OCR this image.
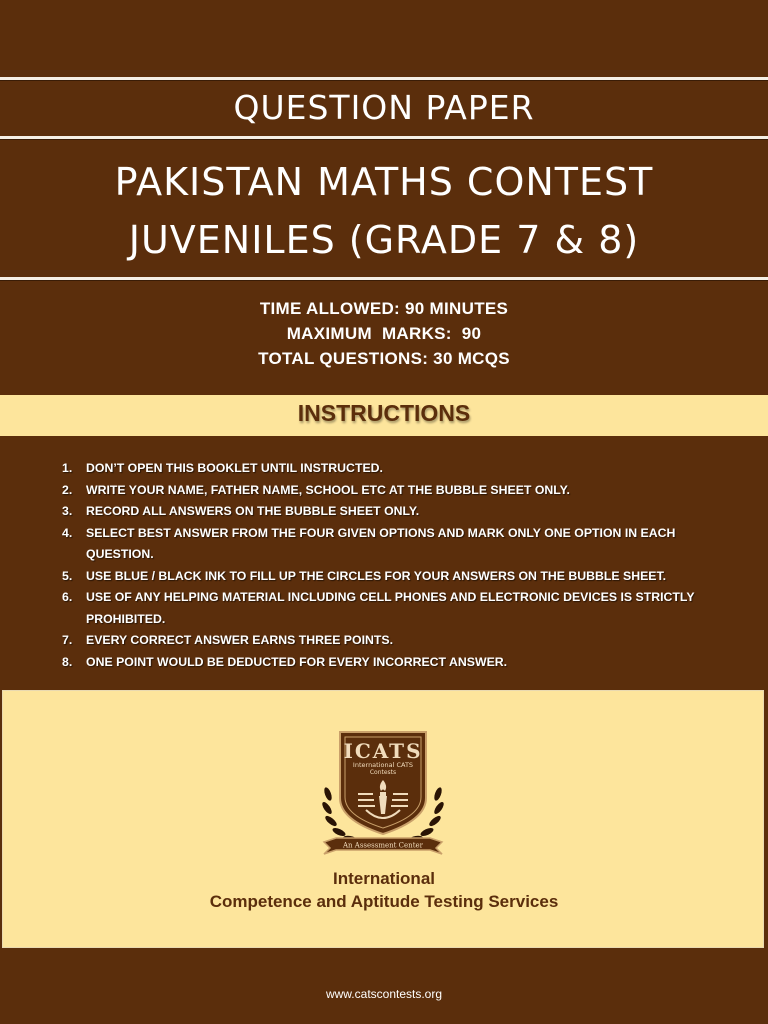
QUESTION PAPER
PAKISTAN MATHS CONTEST
JUVENILES (GRADE 7 & 8)
TIME ALLOWED: 90 MINUTES
MAXIMUM  MARKS:  90
TOTAL QUESTIONS: 30 MCQS
INSTRUCTIONS
1. DON’T OPEN THIS BOOKLET UNTIL INSTRUCTED.
2. WRITE YOUR NAME, FATHER NAME, SCHOOL ETC AT THE BUBBLE SHEET ONLY.
3. RECORD ALL ANSWERS ON THE BUBBLE SHEET ONLY.
4. SELECT BEST ANSWER FROM THE FOUR GIVEN OPTIONS AND MARK ONLY ONE OPTION IN EACH QUESTION.
5. USE BLUE / BLACK INK TO FILL UP THE CIRCLES FOR YOUR ANSWERS ON THE BUBBLE SHEET.
6. USE OF ANY HELPING MATERIAL INCLUDING CELL PHONES AND ELECTRONIC DEVICES IS STRICTLY PROHIBITED.
7. EVERY CORRECT ANSWER EARNS THREE POINTS.
8. ONE POINT WOULD BE DEDUCTED FOR EVERY INCORRECT ANSWER.
ICATS
International CATS
Contests
An Assessment Center
International
Competence and Aptitude Testing Services
www.catscontests.org
